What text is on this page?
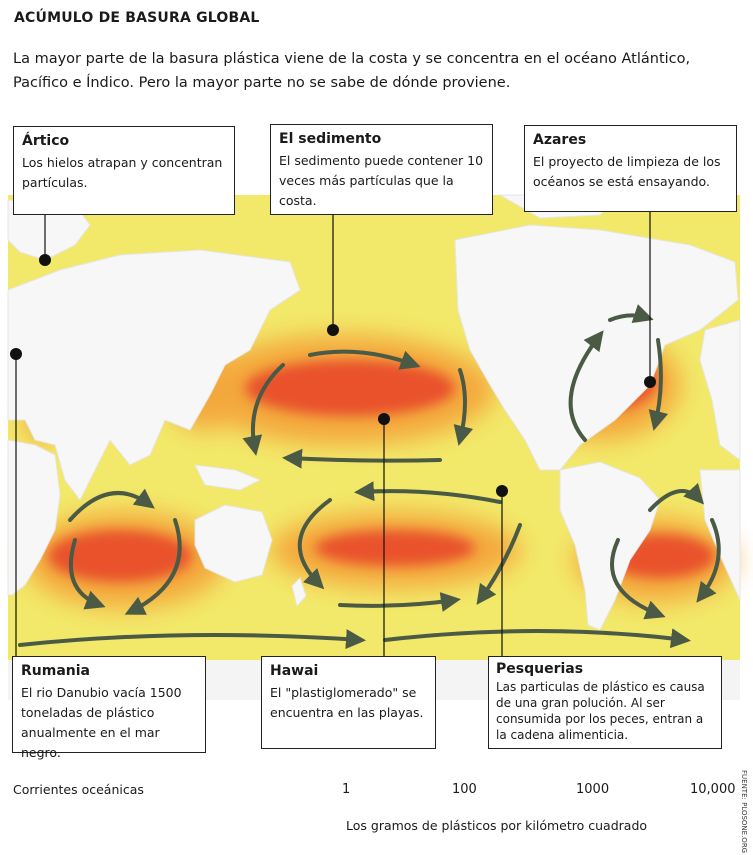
ACÚMULO DE BASURA GLOBAL
La mayor parte de la basura plástica viene de la costa y se concentra en el océano Atlántico, Pacífico e Índico. Pero la mayor parte no se sabe de dónde proviene.
Ártico
Los hielos atrapan y concentran partículas.
El sedimento
El sedimento puede contener 10 veces más partículas que la costa.
Azares
El proyecto de limpieza de los océanos se está ensayando.
Rumania
El rio Danubio vacía 1500 toneladas de plástico anualmente en el mar negro.
Hawai
El "plastiglomerado" se encuentra en las playas.
Pesquerias
Las particulas de plástico es causa de una gran polución. Al ser consumida por los peces, entran a la cadena alimenticia.
Corrientes oceánicas	1	100	1000	10,000
Los gramos de plásticos por kilómetro cuadrado	FUENTE: PLOSONE.ORG
